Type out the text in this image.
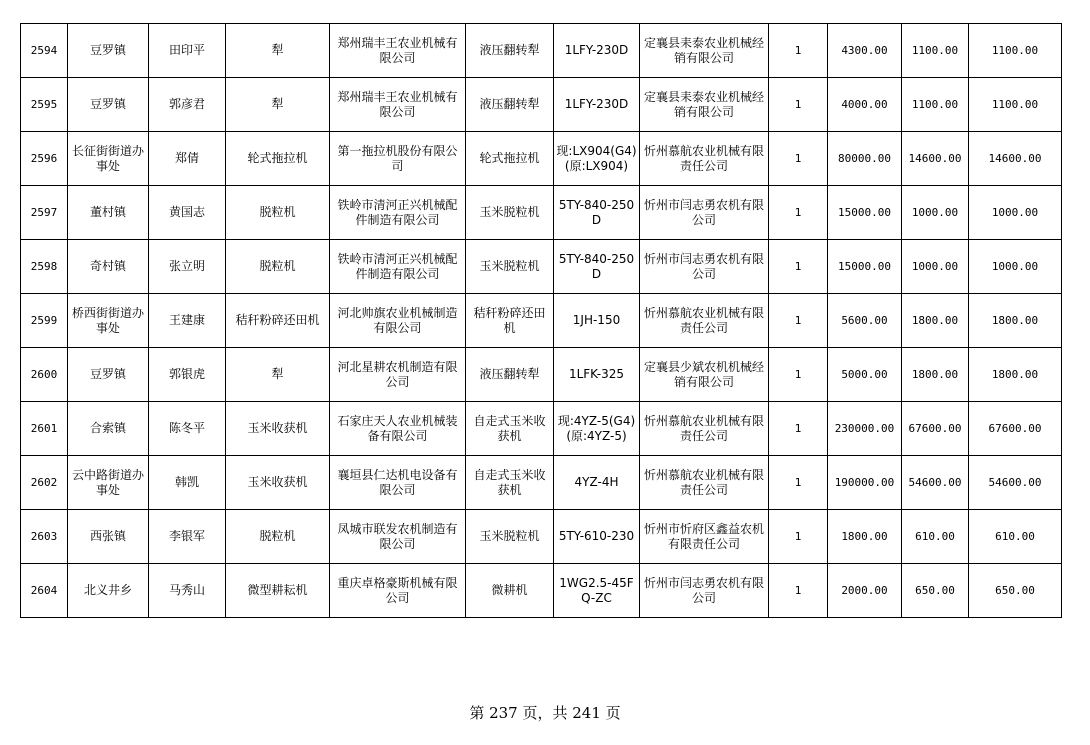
2594	豆罗镇	田印平	犁	郑州瑞丰王农业机械有限公司	液压翻转犁	1LFY-230D	定襄县耒泰农业机械经销有限公司	1	4300.00	1100.00	1100.00
2595	豆罗镇	郭彦君	犁	郑州瑞丰王农业机械有限公司	液压翻转犁	1LFY-230D	定襄县耒泰农业机械经销有限公司	1	4000.00	1100.00	1100.00
2596	长征街街道办事处	郑倩	轮式拖拉机	第一拖拉机股份有限公司	轮式拖拉机	现:LX904(G4)(原:LX904)	忻州慕航农业机械有限责任公司	1	80000.00	14600.00	14600.00
2597	董村镇	黄国志	脱粒机	铁岭市清河正兴机械配件制造有限公司	玉米脱粒机	5TY-840-250D	忻州市闫志勇农机有限公司	1	15000.00	1000.00	1000.00
2598	奇村镇	张立明	脱粒机	铁岭市清河正兴机械配件制造有限公司	玉米脱粒机	5TY-840-250D	忻州市闫志勇农机有限公司	1	15000.00	1000.00	1000.00
2599	桥西街街道办事处	王建康	秸秆粉碎还田机	河北帅旗农业机械制造有限公司	秸秆粉碎还田机	1JH-150	忻州慕航农业机械有限责任公司	1	5600.00	1800.00	1800.00
2600	豆罗镇	郭银虎	犁	河北星耕农机制造有限公司	液压翻转犁	1LFK-325	定襄县少斌农机机械经销有限公司	1	5000.00	1800.00	1800.00
2601	合索镇	陈冬平	玉米收获机	石家庄天人农业机械装备有限公司	自走式玉米收获机	现:4YZ-5(G4)(原:4YZ-5)	忻州慕航农业机械有限责任公司	1	230000.00	67600.00	67600.00
2602	云中路街道办事处	韩凯	玉米收获机	襄垣县仁达机电设备有限公司	自走式玉米收获机	4YZ-4H	忻州慕航农业机械有限责任公司	1	190000.00	54600.00	54600.00
2603	西张镇	李银军	脱粒机	凤城市联发农机制造有限公司	玉米脱粒机	5TY-610-230	忻州市忻府区鑫益农机有限责任公司	1	1800.00	610.00	610.00
2604	北义井乡	马秀山	微型耕耘机	重庆卓格豪斯机械有限公司	微耕机	1WG2.5-45FQ-ZC	忻州市闫志勇农机有限公司	1	2000.00	650.00	650.00
第 237 页，共 241 页
